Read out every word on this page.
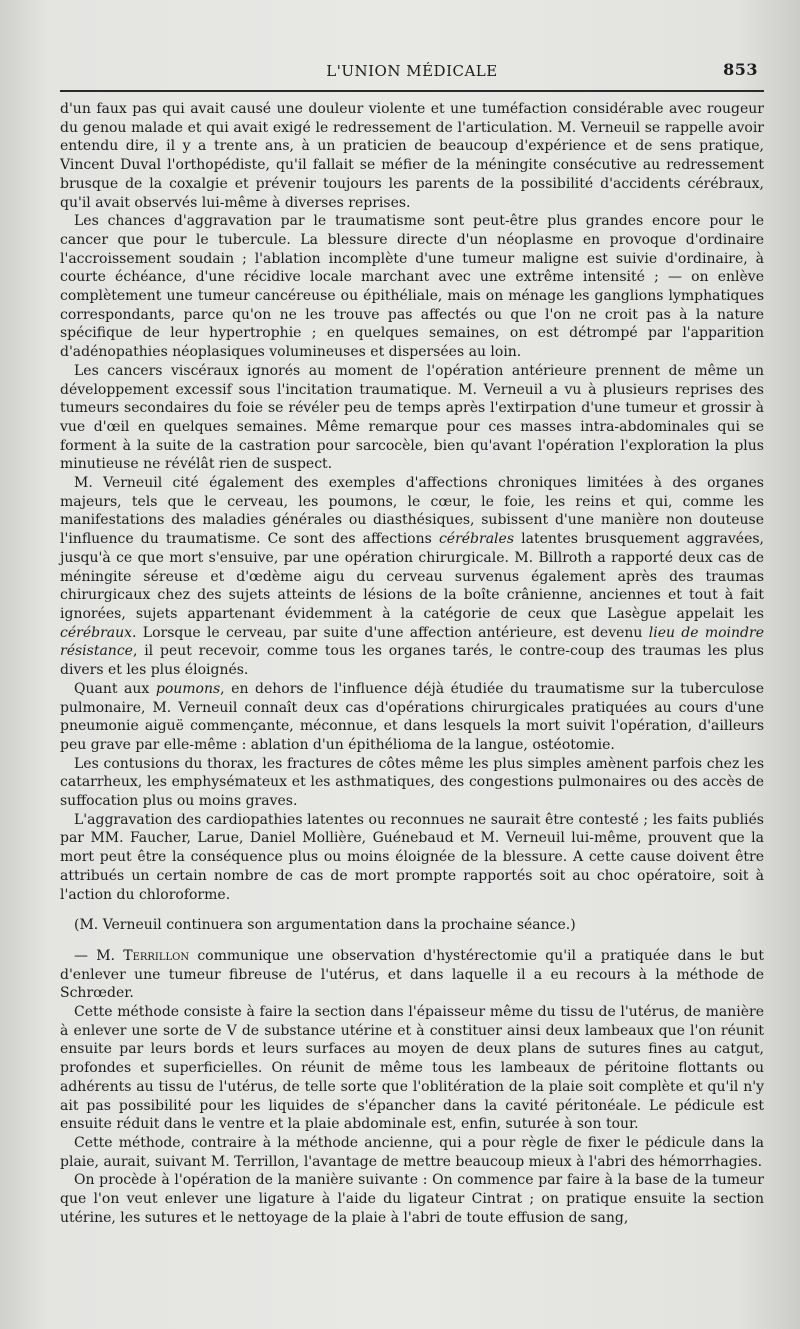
L'UNION MÉDICALE	853

d'un faux pas qui avait causé une douleur violente et une tuméfaction considérable avec rougeur du genou malade et qui avait exigé le redressement de l'articulation. M. Verneuil se rappelle avoir entendu dire, il y a trente ans, à un praticien de beaucoup d'expérience et de sens pratique, Vincent Duval l'orthopédiste, qu'il fallait se méfier de la méningite consécutive au redressement brusque de la coxalgie et prévenir toujours les parents de la possibilité d'accidents cérébraux, qu'il avait observés lui-même à diverses reprises.

Les chances d'aggravation par le traumatisme sont peut-être plus grandes encore pour le cancer que pour le tubercule. La blessure directe d'un néoplasme en provoque d'ordinaire l'accroissement soudain ; l'ablation incomplète d'une tumeur maligne est suivie d'ordinaire, à courte échéance, d'une récidive locale marchant avec une extrême intensité ; — on enlève complètement une tumeur cancéreuse ou épithéliale, mais on ménage les ganglions lymphatiques correspondants, parce qu'on ne les trouve pas affectés ou que l'on ne croit pas à la nature spécifique de leur hypertrophie ; en quelques semaines, on est détrompé par l'apparition d'adénopathies néoplasiques volumineuses et dispersées au loin.

Les cancers viscéraux ignorés au moment de l'opération antérieure prennent de même un développement excessif sous l'incitation traumatique. M. Verneuil a vu à plusieurs reprises des tumeurs secondaires du foie se révéler peu de temps après l'extirpation d'une tumeur et grossir à vue d'œil en quelques semaines. Même remarque pour ces masses intra-abdominales qui se forment à la suite de la castration pour sarcocèle, bien qu'avant l'opération l'exploration la plus minutieuse ne révélât rien de suspect.

M. Verneuil cité également des exemples d'affections chroniques limitées à des organes majeurs, tels que le cerveau, les poumons, le cœur, le foie, les reins et qui, comme les manifestations des maladies générales ou diasthésiques, subissent d'une manière non douteuse l'influence du traumatisme. Ce sont des affections cérébrales latentes brusquement aggravées, jusqu'à ce que mort s'ensuive, par une opération chirurgicale. M. Billroth a rapporté deux cas de méningite séreuse et d'œdème aigu du cerveau survenus également après des traumas chirurgicaux chez des sujets atteints de lésions de la boîte crânienne, anciennes et tout à fait ignorées, sujets appartenant évidemment à la catégorie de ceux que Lasègue appelait les cérébraux. Lorsque le cerveau, par suite d'une affection antérieure, est devenu lieu de moindre résistance, il peut recevoir, comme tous les organes tarés, le contre-coup des traumas les plus divers et les plus éloignés.

Quant aux poumons, en dehors de l'influence déjà étudiée du traumatisme sur la tuberculose pulmonaire, M. Verneuil connaît deux cas d'opérations chirurgicales pratiquées au cours d'une pneumonie aiguë commençante, méconnue, et dans lesquels la mort suivit l'opération, d'ailleurs peu grave par elle-même : ablation d'un épithélioma de la langue, ostéotomie.

Les contusions du thorax, les fractures de côtes même les plus simples amènent parfois chez les catarrheux, les emphysémateux et les asthmatiques, des congestions pulmonaires ou des accès de suffocation plus ou moins graves.

L'aggravation des cardiopathies latentes ou reconnues ne saurait être contesté ; les faits publiés par MM. Faucher, Larue, Daniel Mollière, Guénebaud et M. Verneuil lui-même, prouvent que la mort peut être la conséquence plus ou moins éloignée de la blessure. A cette cause doivent être attribués un certain nombre de cas de mort prompte rapportés soit au choc opératoire, soit à l'action du chloroforme.

(M. Verneuil continuera son argumentation dans la prochaine séance.)

— M. Terrillon communique une observation d'hystérectomie qu'il a pratiquée dans le but d'enlever une tumeur fibreuse de l'utérus, et dans laquelle il a eu recours à la méthode de Schrœder.

Cette méthode consiste à faire la section dans l'épaisseur même du tissu de l'utérus, de manière à enlever une sorte de V de substance utérine et à constituer ainsi deux lambeaux que l'on réunit ensuite par leurs bords et leurs surfaces au moyen de deux plans de sutures fines au catgut, profondes et superficielles. On réunit de même tous les lambeaux de péritoine flottants ou adhérents au tissu de l'utérus, de telle sorte que l'oblitération de la plaie soit complète et qu'il n'y ait pas possibilité pour les liquides de s'épancher dans la cavité péritonéale. Le pédicule est ensuite réduit dans le ventre et la plaie abdominale est, enfin, suturée à son tour.

Cette méthode, contraire à la méthode ancienne, qui a pour règle de fixer le pédicule dans la plaie, aurait, suivant M. Terrillon, l'avantage de mettre beaucoup mieux à l'abri des hémorrhagies.

On procède à l'opération de la manière suivante : On commence par faire à la base de la tumeur que l'on veut enlever une ligature à l'aide du ligateur Cintrat ; on pratique ensuite la section utérine, les sutures et le nettoyage de la plaie à l'abri de toute effusion de sang,
